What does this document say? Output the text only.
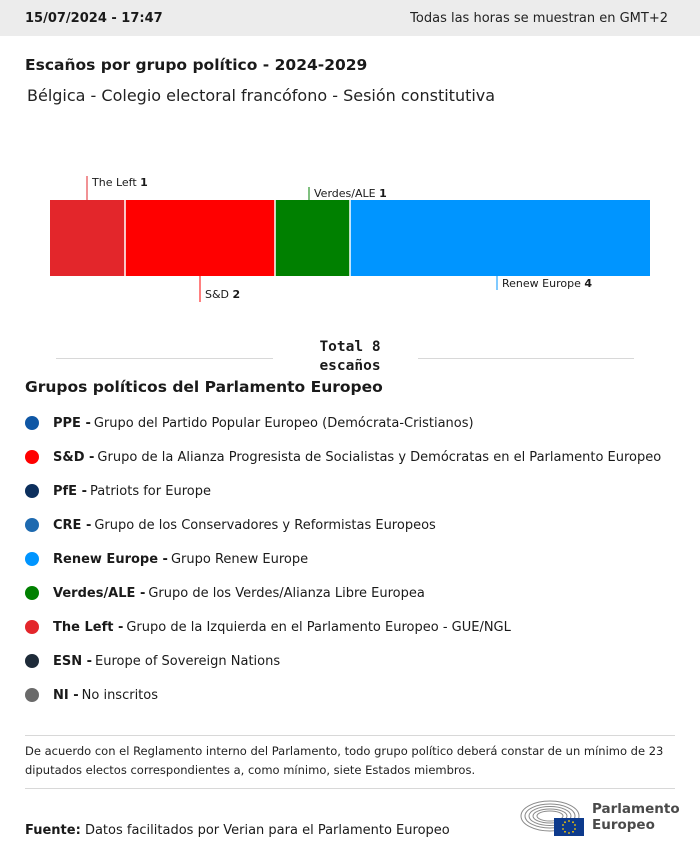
15/07/2024 - 17:47	Todas las horas se muestran en GMT+2
Escaños por grupo político - 2024-2029
Bélgica - Colegio electoral francófono - Sesión constitutiva
The Left 1
S&D 2
Verdes/ALE 1
Renew Europe 4
Total 8
escaños
Grupos políticos del Parlamento Europeo
PPE - Grupo del Partido Popular Europeo (Demócrata-Cristianos)
S&D - Grupo de la Alianza Progresista de Socialistas y Demócratas en el Parlamento Europeo
PfE - Patriots for Europe
CRE - Grupo de los Conservadores y Reformistas Europeos
Renew Europe - Grupo Renew Europe
Verdes/ALE - Grupo de los Verdes/Alianza Libre Europea
The Left - Grupo de la Izquierda en el Parlamento Europeo - GUE/NGL
ESN - Europe of Sovereign Nations
NI - No inscritos
De acuerdo con el Reglamento interno del Parlamento, todo grupo político deberá constar de un mínimo de 23 diputados electos correspondientes a, como mínimo, siete Estados miembros.
Fuente: Datos facilitados por Verian para el Parlamento Europeo
Parlamento
Europeo
